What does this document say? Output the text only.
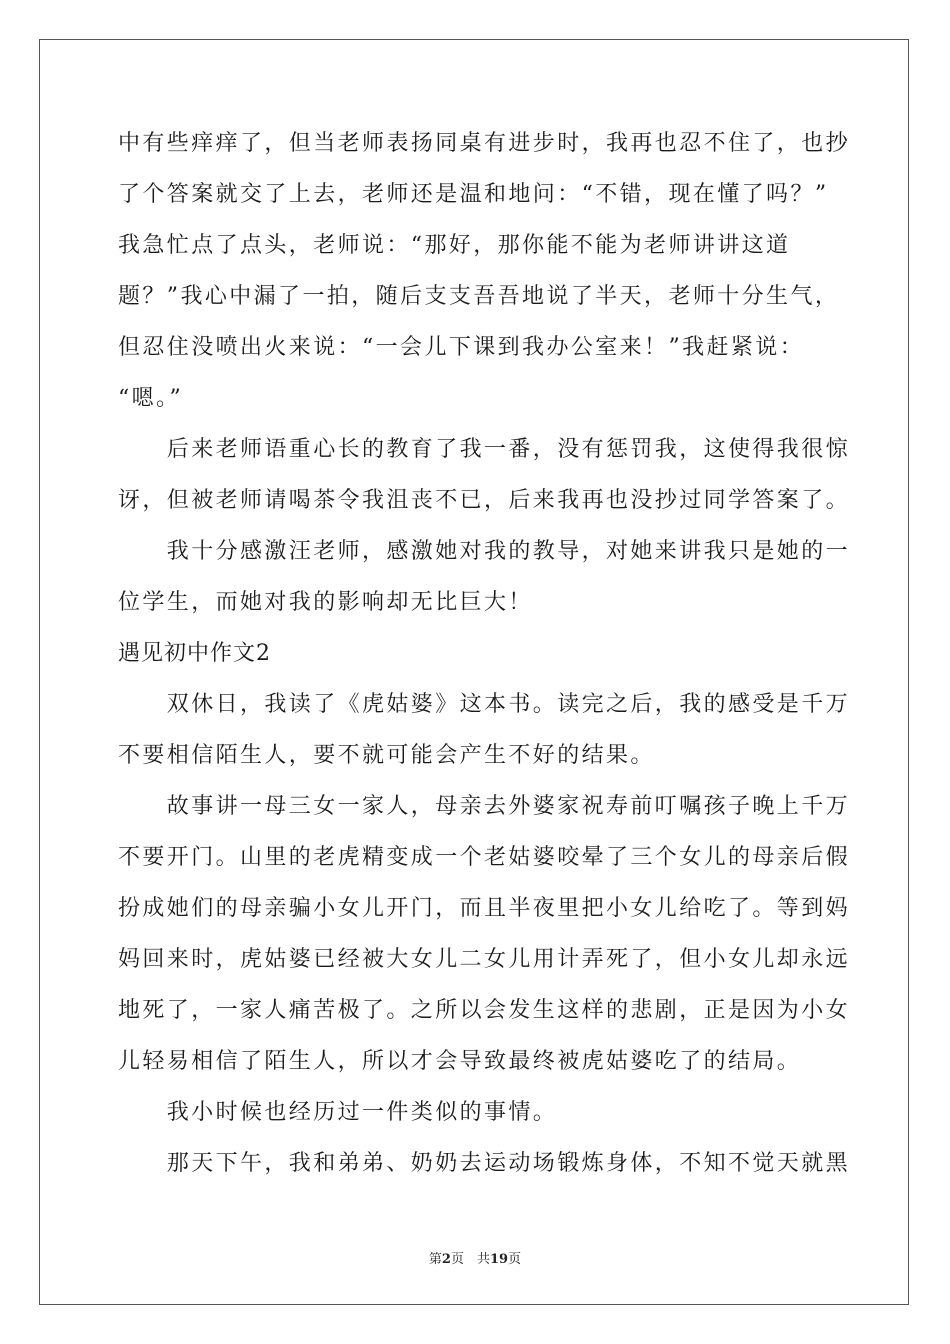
中有些痒痒了，但当老师表扬同桌有进步时，我再也忍不住了，也抄
了个答案就交了上去，老师还是温和地问：“不错，现在懂了吗？”
我急忙点了点头，老师说：“那好，那你能不能为老师讲讲这道
题？”我心中漏了一拍，随后支支吾吾地说了半天，老师十分生气，
但忍住没喷出火来说：“一会儿下课到我办公室来！”我赶紧说：
“嗯。”
　　后来老师语重心长的教育了我一番，没有惩罚我，这使得我很惊
讶，但被老师请喝茶令我沮丧不已，后来我再也没抄过同学答案了。
　　我十分感激汪老师，感激她对我的教导，对她来讲我只是她的一
位学生，而她对我的影响却无比巨大！
遇见初中作文2
　　双休日，我读了《虎姑婆》这本书。读完之后，我的感受是千万
不要相信陌生人，要不就可能会产生不好的结果。
　　故事讲一母三女一家人，母亲去外婆家祝寿前叮嘱孩子晚上千万
不要开门。山里的老虎精变成一个老姑婆咬晕了三个女儿的母亲后假
扮成她们的母亲骗小女儿开门，而且半夜里把小女儿给吃了。等到妈
妈回来时，虎姑婆已经被大女儿二女儿用计弄死了，但小女儿却永远
地死了，一家人痛苦极了。之所以会发生这样的悲剧，正是因为小女
儿轻易相信了陌生人，所以才会导致最终被虎姑婆吃了的结局。
　　我小时候也经历过一件类似的事情。
　　那天下午，我和弟弟、奶奶去运动场锻炼身体，不知不觉天就黑
第2页　共19页
